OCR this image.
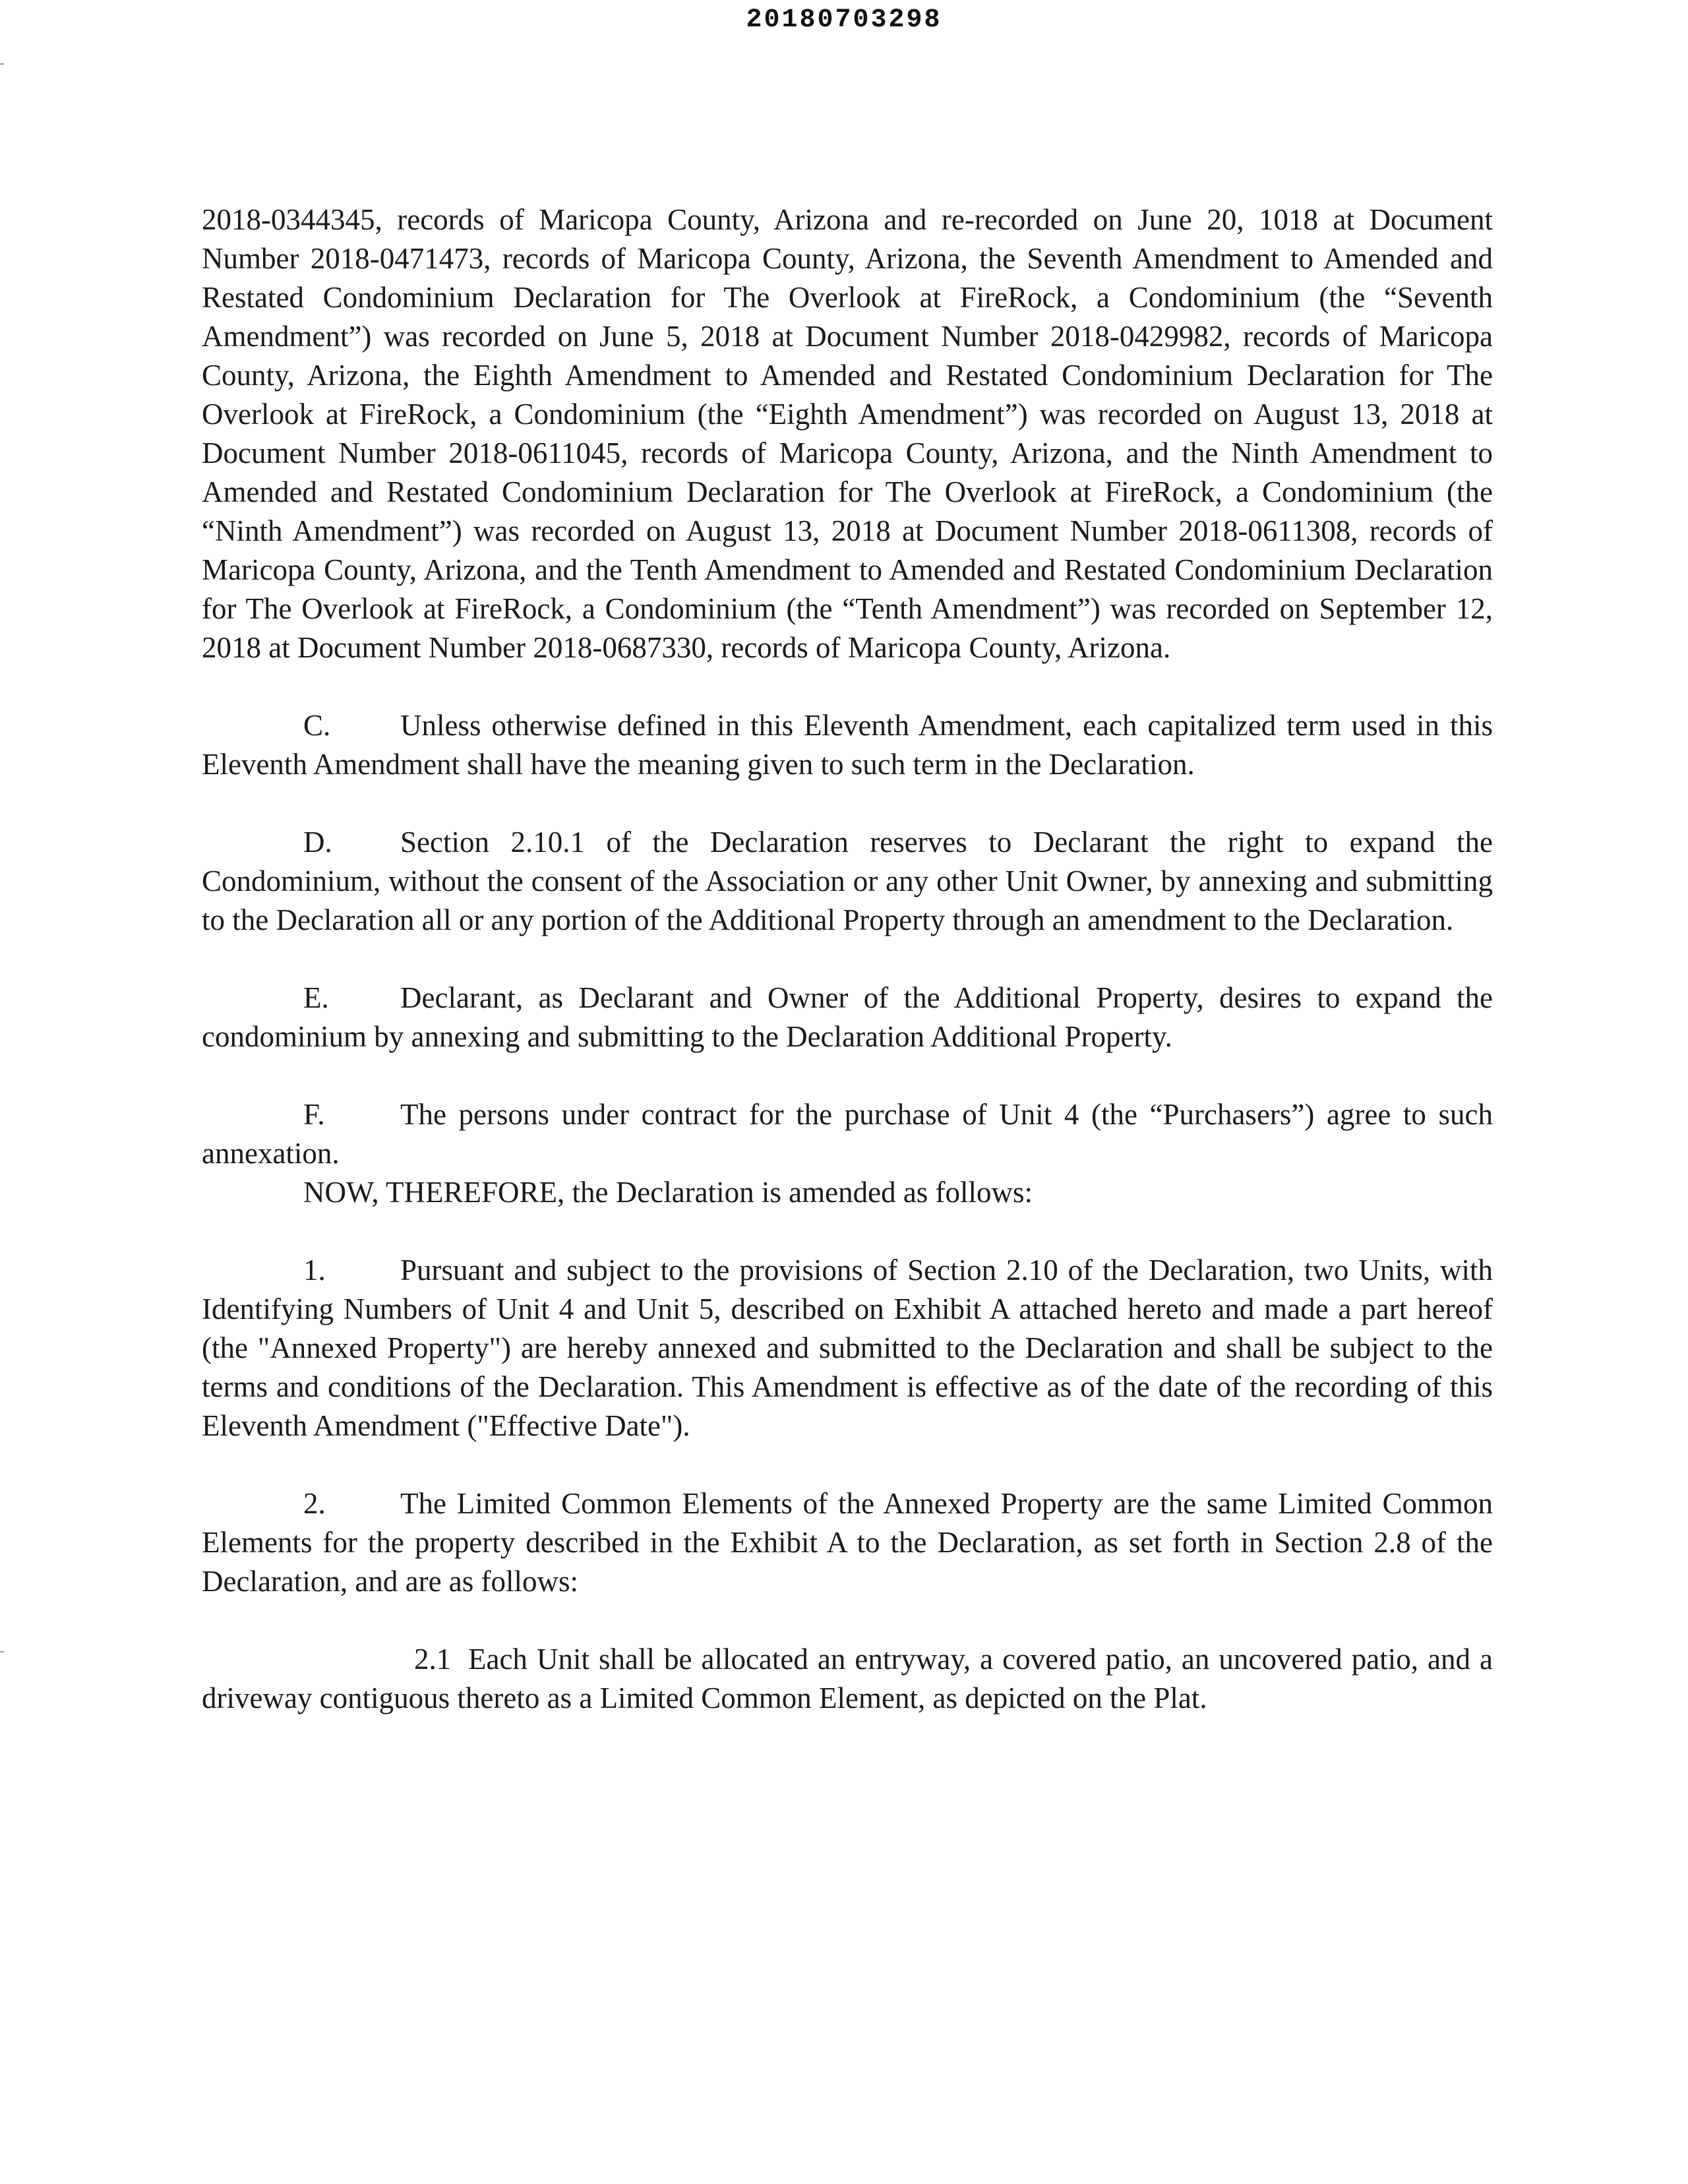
20180703298

2018-0344345, records of Maricopa County, Arizona and re-recorded on June 20, 1018 at Document Number 2018-0471473, records of Maricopa County, Arizona, the Seventh Amendment to Amended and Restated Condominium Declaration for The Overlook at FireRock, a Condominium (the “Seventh Amendment”) was recorded on June 5, 2018 at Document Number 2018-0429982, records of Maricopa County, Arizona, the Eighth Amendment to Amended and Restated Condominium Declaration for The Overlook at FireRock, a Condominium (the “Eighth Amendment”) was recorded on August 13, 2018 at Document Number 2018-0611045, records of Maricopa County, Arizona, and the Ninth Amendment to Amended and Restated Condominium Declaration for The Overlook at FireRock, a Condominium (the “Ninth Amendment”) was recorded on August 13, 2018 at Document Number 2018-0611308, records of Maricopa County, Arizona, and the Tenth Amendment to Amended and Restated Condominium Declaration for The Overlook at FireRock, a Condominium (the “Tenth Amendment”) was recorded on September 12, 2018 at Document Number 2018-0687330, records of Maricopa County, Arizona.

C. Unless otherwise defined in this Eleventh Amendment, each capitalized term used in this Eleventh Amendment shall have the meaning given to such term in the Declaration.

D. Section 2.10.1 of the Declaration reserves to Declarant the right to expand the Condominium, without the consent of the Association or any other Unit Owner, by annexing and submitting to the Declaration all or any portion of the Additional Property through an amendment to the Declaration.

E. Declarant, as Declarant and Owner of the Additional Property, desires to expand the condominium by annexing and submitting to the Declaration Additional Property.

F.	The persons under contract for the purchase of Unit 4 (the “Purchasers”) agree to such annexation.

NOW, THEREFORE, the Declaration is amended as follows:

1.	Pursuant and subject to the provisions of Section 2.10 of the Declaration, two Units, with Identifying Numbers of Unit 4 and Unit 5, described on Exhibit A attached hereto and made a part hereof (the "Annexed Property") are hereby annexed and submitted to the Declaration and shall be subject to the terms and conditions of the Declaration. This Amendment is effective as of the date of the recording of this Eleventh Amendment ("Effective Date").

2.	The Limited Common Elements of the Annexed Property are the same Limited Common Elements for the property described in the Exhibit A to the Declaration, as set forth in Section 2.8 of the Declaration, and are as follows:

2.1 Each Unit shall be allocated an entryway, a covered patio, an uncovered patio, and a driveway contiguous thereto as a Limited Common Element, as depicted on the Plat.
